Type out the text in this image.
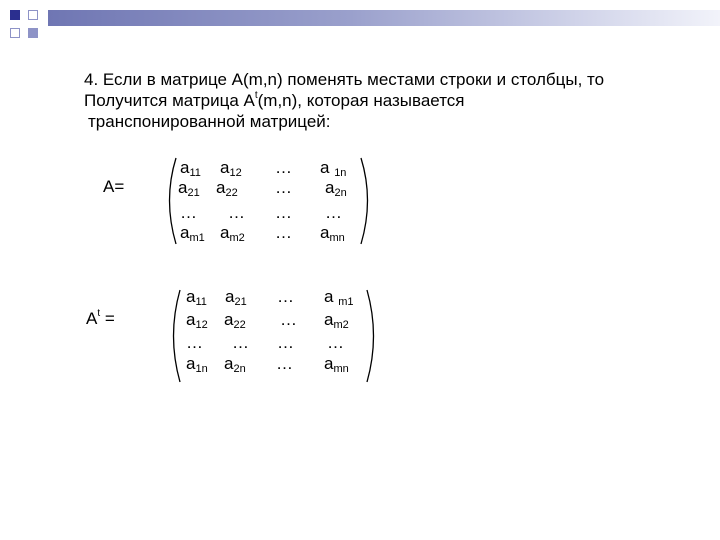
4. Если в матрице А(m,n) поменять местами строки и столбцы, то
Получится матрица $А^t(m,n)$, которая называется
транспонированной матрицей:
A=
$A^t$ =
$a_{11}$ $a_{12}$ … a $_{1n}$
$a_{21}$ $a_{22}$ … $a_{2n}$
… … … …
$a_{m1}$ $a_{m2}$ … $a_{mn}$
$a_{11}$ $a_{21}$ … a $_{m1}$
$a_{12}$ $a_{22}$ … $a_{m2}$
… … … …
$a_{1n}$ $a_{2n}$ … $a_{mn}$
